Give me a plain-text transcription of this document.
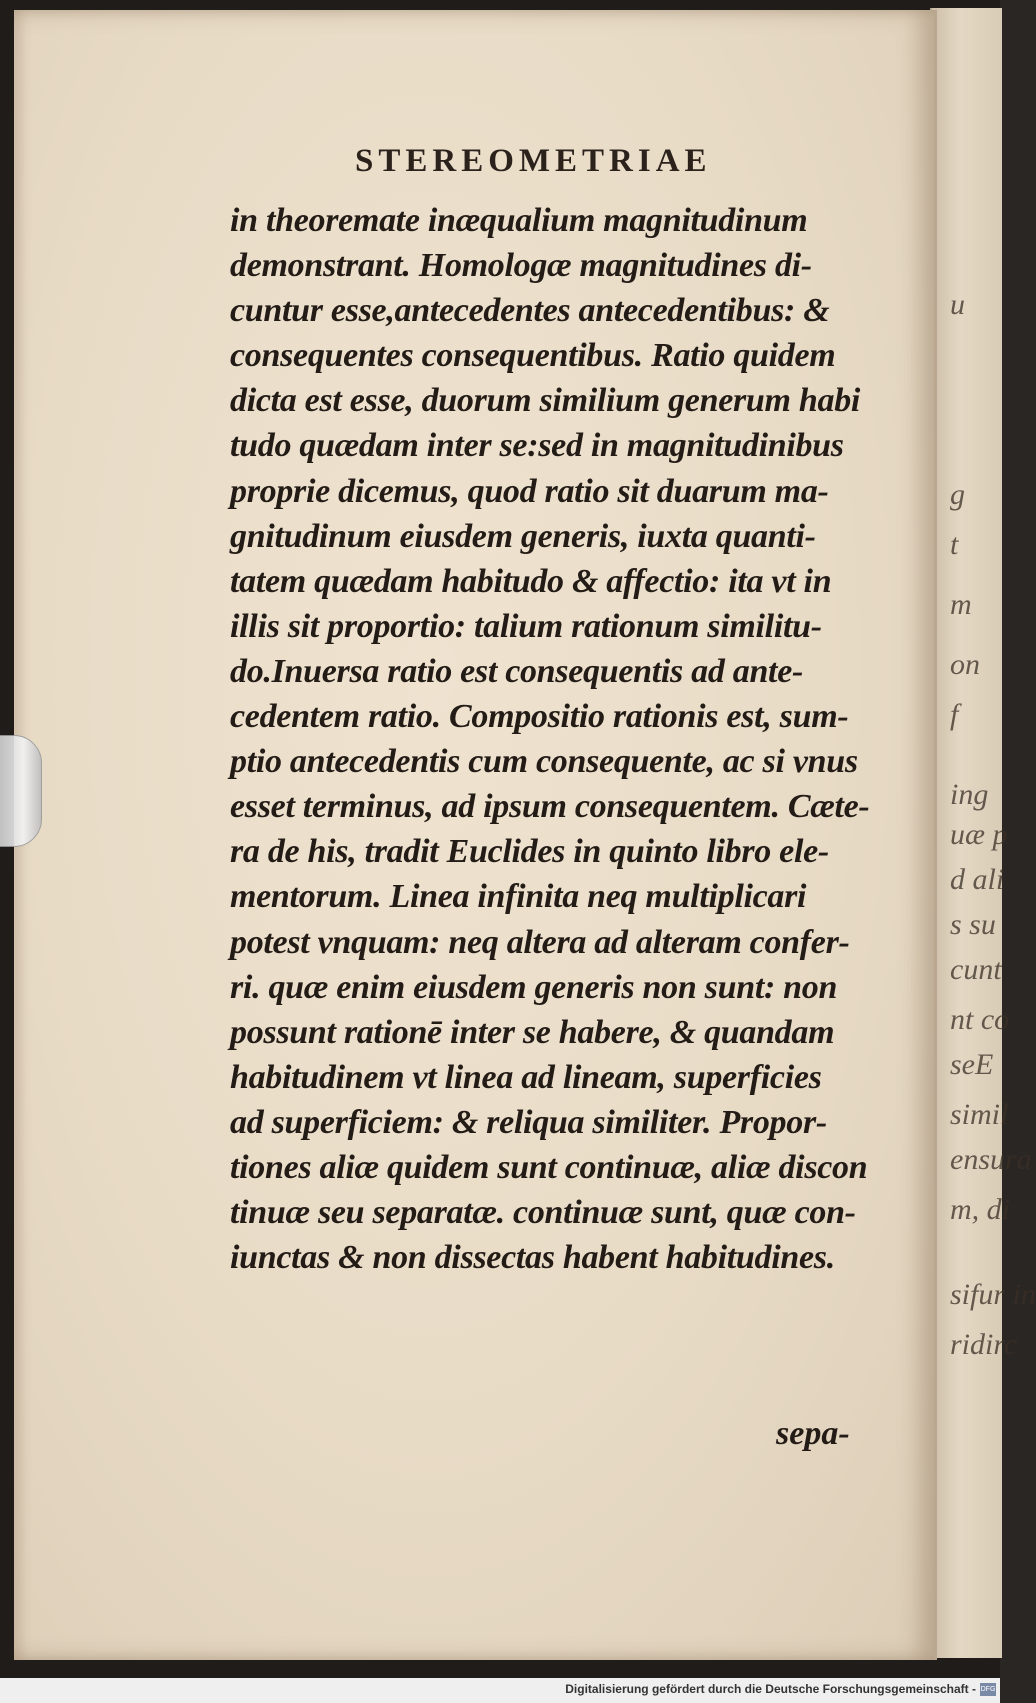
u
g
t
m
on
f
ing
uæ p
d ali
s su
cunt
nt co
seE
simil
ensura
m, di
sifur in
ridirc
STEREOMETRIAE
in theoremate inæqualium magnitudinum
demonstrant. Homologæ magnitudines di-
cuntur esse,antecedentes antecedentibus: &
consequentes consequentibus. Ratio quidem
dicta est esse, duorum similium generum habi
tudo quædam inter se:sed in magnitudinibus
proprie dicemus, quod ratio sit duarum ma-
gnitudinum eiusdem generis, iuxta quanti-
tatem quædam habitudo & affectio: ita vt in
illis sit proportio: talium rationum similitu-
do.Inuersa ratio est consequentis ad ante-
cedentem ratio. Compositio rationis est, sum-
ptio antecedentis cum consequente, ac si vnus
esset terminus, ad ipsum consequentem. Cæte-
ra de his, tradit Euclides in quinto libro ele-
mentorum. Linea infinita neq multiplicari
potest vnquam: neq altera ad alteram confer-
ri. quæ enim eiusdem generis non sunt: non
possunt rationē inter se habere, & quandam
habitudinem vt linea ad lineam, superficies
ad superficiem: & reliqua similiter. Propor-
tiones aliæ quidem sunt continuæ, aliæ discon
tinuæ seu separatæ. continuæ sunt, quæ con-
iunctas & non dissectas habent habitudines.
sepa-
Digitalisierung gefördert durch die Deutsche Forschungsgemeinschaft - DFG
